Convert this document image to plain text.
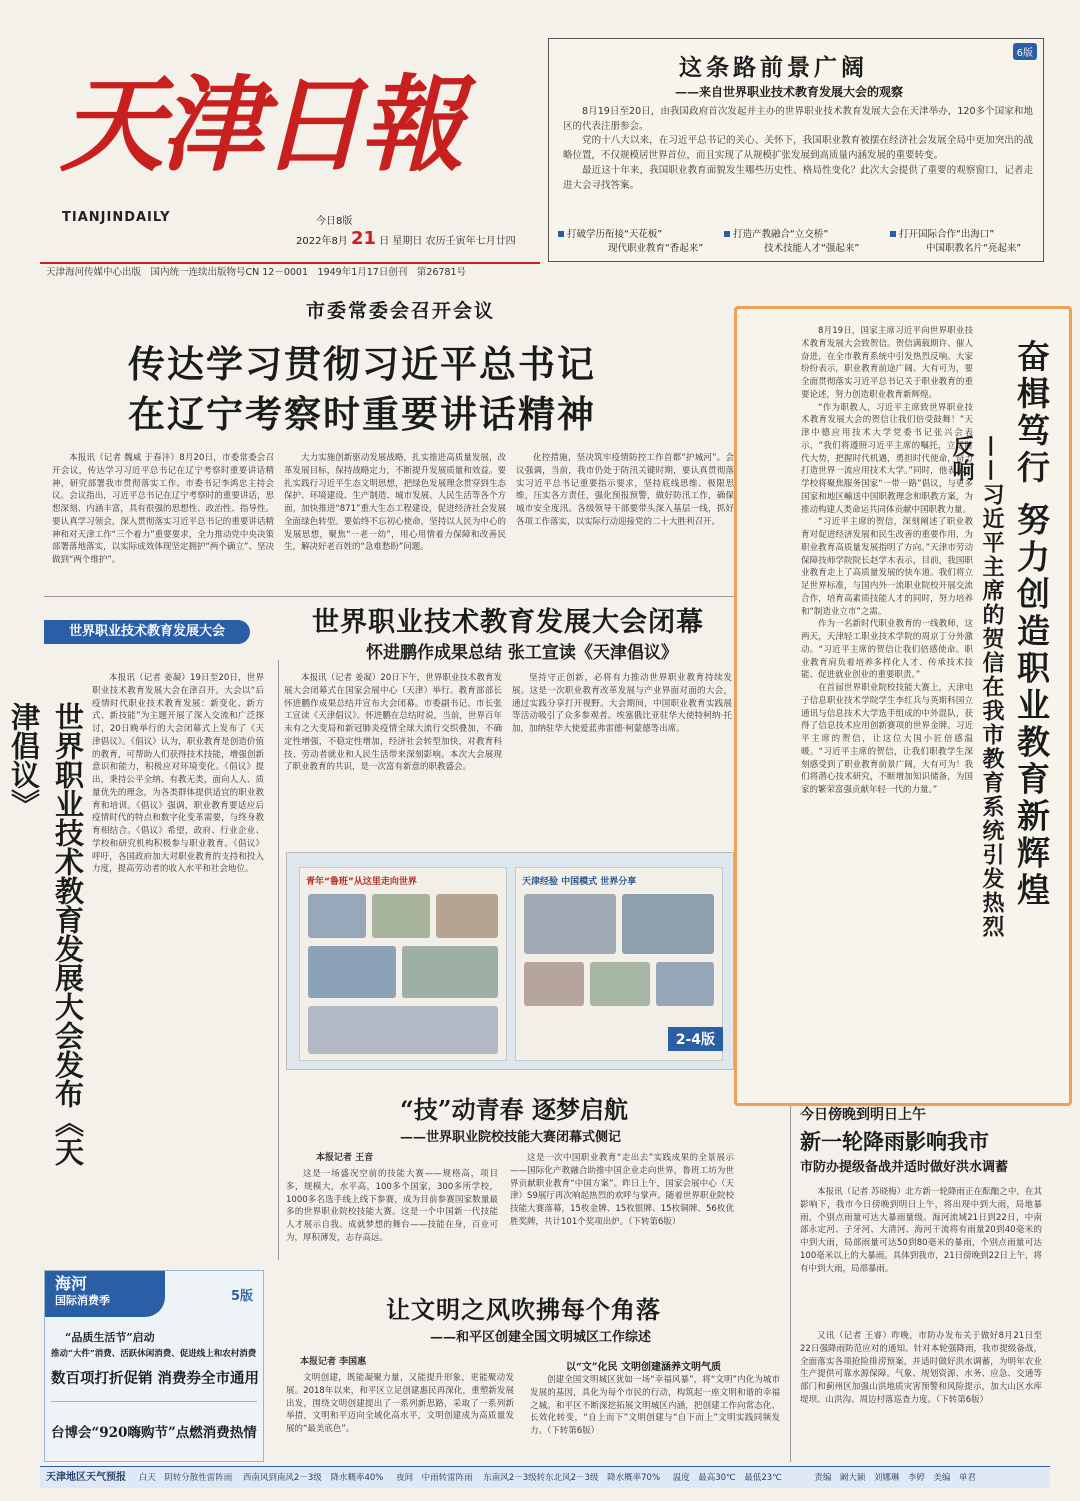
天津日報
TIANJINDAILY	今日8版
2022年8月 21 日 星期日 农历壬寅年七月廿四
天津海河传媒中心出版　国内统一连续出版物号CN 12－0001　1949年1月17日创刊　第26781号
6版
这条路前景广阔
——来自世界职业技术教育发展大会的观察

8月19日至20日，由我国政府首次发起并主办的世界职业技术教育发展大会在天津举办，120多个国家和地区的代表注册参会。

党的十八大以来，在习近平总书记的关心、关怀下，我国职业教育被摆在经济社会发展全局中更加突出的战略位置，不仅规模居世界首位，而且实现了从规模扩张发展到高质量内涵发展的重要转变。

最近这十年来，我国职业教育面貌发生哪些历史性、格局性变化？此次大会提供了重要的观察窗口，记者走进大会寻找答案。

打破学历衔接“天花板”
现代职业教育“香起来”
打造产教融合“立交桥”
技术技能人才“强起来”
打开国际合作“出海口”
中国职教名片“亮起来”
市委常委会召开会议
传达学习贯彻习近平总书记
在辽宁考察时重要讲话精神

本报讯（记者 魏威 于春沣）8月20日，市委常委会召开会议，传达学习习近平总书记在辽宁考察时重要讲话精神，研究部署我市贯彻落实工作。市委书记李鸿忠主持会议。会议指出，习近平总书记在辽宁考察时的重要讲话，思想深刻、内涵丰富，具有很强的思想性、政治性、指导性。要认真学习领会，深入贯彻落实习近平总书记的重要讲话精神和对天津工作“三个着力”重要要求，全力推动党中央决策部署落地落实，以实际成效体现坚定拥护“两个确立”、坚决做到“两个维护”。

大力实施创新驱动发展战略，扎实推进高质量发展，改革发展目标，保持战略定力，不断提升发展质量和效益。要扎实践行习近平生态文明思想，把绿色发展理念贯穿到生态保护、环境建设、生产制造、城市发展、人民生活等各个方面，加快推进“871”重大生态工程建设，促进经济社会发展全面绿色转型。要始终不忘初心使命，坚持以人民为中心的发展思想，聚焦“一老一幼”，用心用情着力保障和改善民生，解决好老百姓的“急难愁盼”问题。

化控措施，坚决筑牢疫情防控工作首都“护城河”。会议强调，当前，我市仍处于防汛关键时期，要认真贯彻落实习近平总书记重要指示要求，坚持底线思维、极限思维，压实各方责任，强化预报预警，做好防汛工作，确保城市安全度汛。各级领导干部要带头深入基层一线，抓好各项工作落实，以实际行动迎接党的二十大胜利召开。

世界职业技术教育发展大会
世界职业技术教育发展大会发布《天津倡议》
世界职业技术教育发展大会闭幕
怀进鹏作成果总结 张工宣读《天津倡议》

本报讯（记者 姜凝）19日至20日，世界职业技术教育发展大会在津召开。大会以“后疫情时代职业技术教育发展：新变化、新方式、新技能”为主题开展了深入交流和广泛探讨，20日晚举行的大会闭幕式上发布了《天津倡议》。《倡议》认为，职业教育是创造价值的教育，可帮助人们获得技术技能，增强创新意识和能力，积极应对环境变化。《倡议》提出，秉持公平全纳、有教无类，面向人人、质量优先的理念，为各类群体提供适宜的职业教育和培训。《倡议》强调，职业教育要适应后疫情时代的特点和数字化变革需要，与终身教育相结合。《倡议》希望，政府、行业企业、学校和研究机构积极参与职业教育。《倡议》呼吁，各国政府加大对职业教育的支持和投入力度，提高劳动者的收入水平和社会地位。

本报讯（记者 姜凝）20日下午，世界职业技术教育发展大会闭幕式在国家会展中心（天津）举行。教育部部长怀进鹏作成果总结并宣布大会闭幕。市委副书记、市长张工宣读《天津倡议》。怀进鹏在总结时说，当前，世界百年未有之大变局和新冠肺炎疫情全球大流行交织叠加，不确定性增强，不稳定性增加，经济社会转型加快，对教育科技、劳动者就业和人民生活带来深刻影响。本次大会展现了职业教育的共识，是一次富有新意的职教盛会。

坚持守正创新，必将有力推动世界职业教育持续发展。这是一次职业教育改革发展与产业界面对面的大会，通过实践分享打开视野。大会期间，中国职业教育实践展等活动吸引了众多参观者。埃塞俄比亚驻华大使特柯纳·托加，加纳驻华大使爱蓝弗雷德·柯蒙德等出席。

青年“鲁班”从这里走向世界	天津经验 中国模式 世界分享
2-4版
“技”动青春 逐梦启航
——世界职业院校技能大赛闭幕式侧记
本报记者 王音

这是一场盛况空前的技能大赛——规格高，项目多，规模大，水平高，100多个国家，300多所学校，1000多名选手线上线下参赛，成为目前参赛国家数量最多的世界职业院校技能大赛。这是一个中国新一代技能人才展示自我、成就梦想的舞台——技能在身，百业可为，厚积薄发，志存高远。

这是一次中国职业教育“走出去”实践成果的全景展示——国际化产教融合助推中国企业走向世界，鲁班工坊为世界贡献职业教育“中国方案”。昨日上午，国家会展中心（天津）S9展厅再次响起热烈的欢呼与掌声。随着世界职业院校技能大赛落幕，15枚金牌、15枚银牌、15枚铜牌、56枚优胜奖牌，共计101个奖项出炉。（下转第6版）

8月19日，国家主席习近平向世界职业技术教育发展大会致贺信。贺信满载期许、催人奋进，在全市教育系统中引发热烈反响。大家纷纷表示，职业教育前途广阔、大有可为，要全面贯彻落实习近平总书记关于职业教育的重要论述，努力创造职业教育新辉煌。

“作为职教人，习近平主席致世界职业技术教育发展大会的贺信让我们倍受鼓舞！”天津中德应用技术大学党委书记张兴会表示，“我们将遵照习近平主席的嘱托，立足时代大势，把握时代机遇，勇担时代使命，奋力打造世界一流应用技术大学。”同时，他表示，学校将聚焦服务国家“一带一路”倡议，与更多国家和地区輸送中国职教理念和职教方案，为推动构建人类命运共同体贡献中国职教力量。

“习近平主席的贺信，深刻阐述了职业教育对促进经济发展和民生改善的重要作用，为职业教育高质量发展指明了方向。”天津市劳动保障技师学院院长赵学木表示，目前，我国职业教育走上了高质量发展的快车道。我们将立足世界标准，与国内外一流职业院校开展交流合作，培育高素质技能人才的同时，努力培养和“制造业立市”之需。

作为一名新时代职业教育的一线教师，这两天，天津轻工职业技术学院的周京丁分外激动。“习近平主席的贺信让我们倍感使命。职业教育肩负着培养多样化人才、传承技术技能、促进就业创业的重要职责。”

在首届世界职业院校技能大赛上，天津电子信息职业技术学院学生李红兵与英斯科国立通讯与信息技术大学选手组成的中外混队，获得了信息技术应用创新赛项的世界金牌。习近平主席的贺信，让这位大国小匠倍感温暖。“习近平主席的贺信，让我们职教学生深刻感受到了职业教育前景广阔，大有可为！我们将潜心技术研究，不断增加知识储备，为国家的繁荣富强贡献年轻一代的力量。”	奋楫笃行 努力创造职业教育新辉煌
——习近平主席的贺信在我市教育系统引发热烈反响
今日傍晚到明日上午
新一轮降雨影响我市
市防办提级备战并适时做好洪水调蓄

本报讯（记者 苏晓梅）北方新一轮降雨正在酝酿之中，在其影响下，我市今日傍晚到明日上午，将出现中到大雨，局地暴雨，个别点雨量可达大暴雨量级。海河流域21日到22日，中南部永定河、子牙河、大清河、海河干流将有雨量20到40毫米的中到大雨，局部雨量可达50到80毫米的暴雨，个别点雨量可达100毫米以上的大暴雨。具体到我市，21日傍晚到22日上午，将有中到大雨，局部暴雨。

又讯（记者 王睿）昨晚，市防办发布关于做好8月21日至22日强降雨防范应对的通知。针对本轮强降雨，我市提级备战，全面落实各项抢险排涝预案，并适时做好洪水调蓄，为明年农业生产提供可靠水源保障。气象、规划资源、水务、应急、交通等部门和蓟州区加强山洪地质灾害预警和风险提示，加大山区水库堤坝、山洪沟、周边村落巡查力度。（下转第6版）

海河
国际消费季	5版
“品质生活节”启动
推动“大件”消费、活跃休闲消费、促进线上和农村消费
数百项打折促销 消费券全市通用
台博会“920嗨购节”点燃消费热情
让文明之风吹拂每个角落
——和平区创建全国文明城区工作综述
本报记者 李国惠

文明创建，既能凝聚力量，又能提升形象，更能聚动发展。2018年以来，和平区立足创建惠民再深化，重塑新发展出发，围绕文明创建提出了一系列新思路，采取了一系列新举措，文明和平迈向全域化高水平，文明创建成为高质量发展的“最美底色”。

以“文”化民 文明创建涵养文明气质

创建全国文明城区犹如一场“幸福风暴”，将“文明”内化为城市发展的基因，具化为每个市民的行动，构筑起一座文明和谐的幸福之城。和平区不断深挖拓展文明城区内涵，把创建工作向常态化、长效化转变，“自上而下”文明创建与“自下而上”文明实践同频发力。（下转第6版）

天津地区天气预报 白天　阴转分散性雷阵雨 西南风到南风2－3级 降水概率40% 夜间　中雨转雷阵雨 东南风2－3级转东北风2－3级 降水概率70% 温度　最高30℃ 最低23℃	责编　阚大颖　刘娜琳　李婷　美编　单君
